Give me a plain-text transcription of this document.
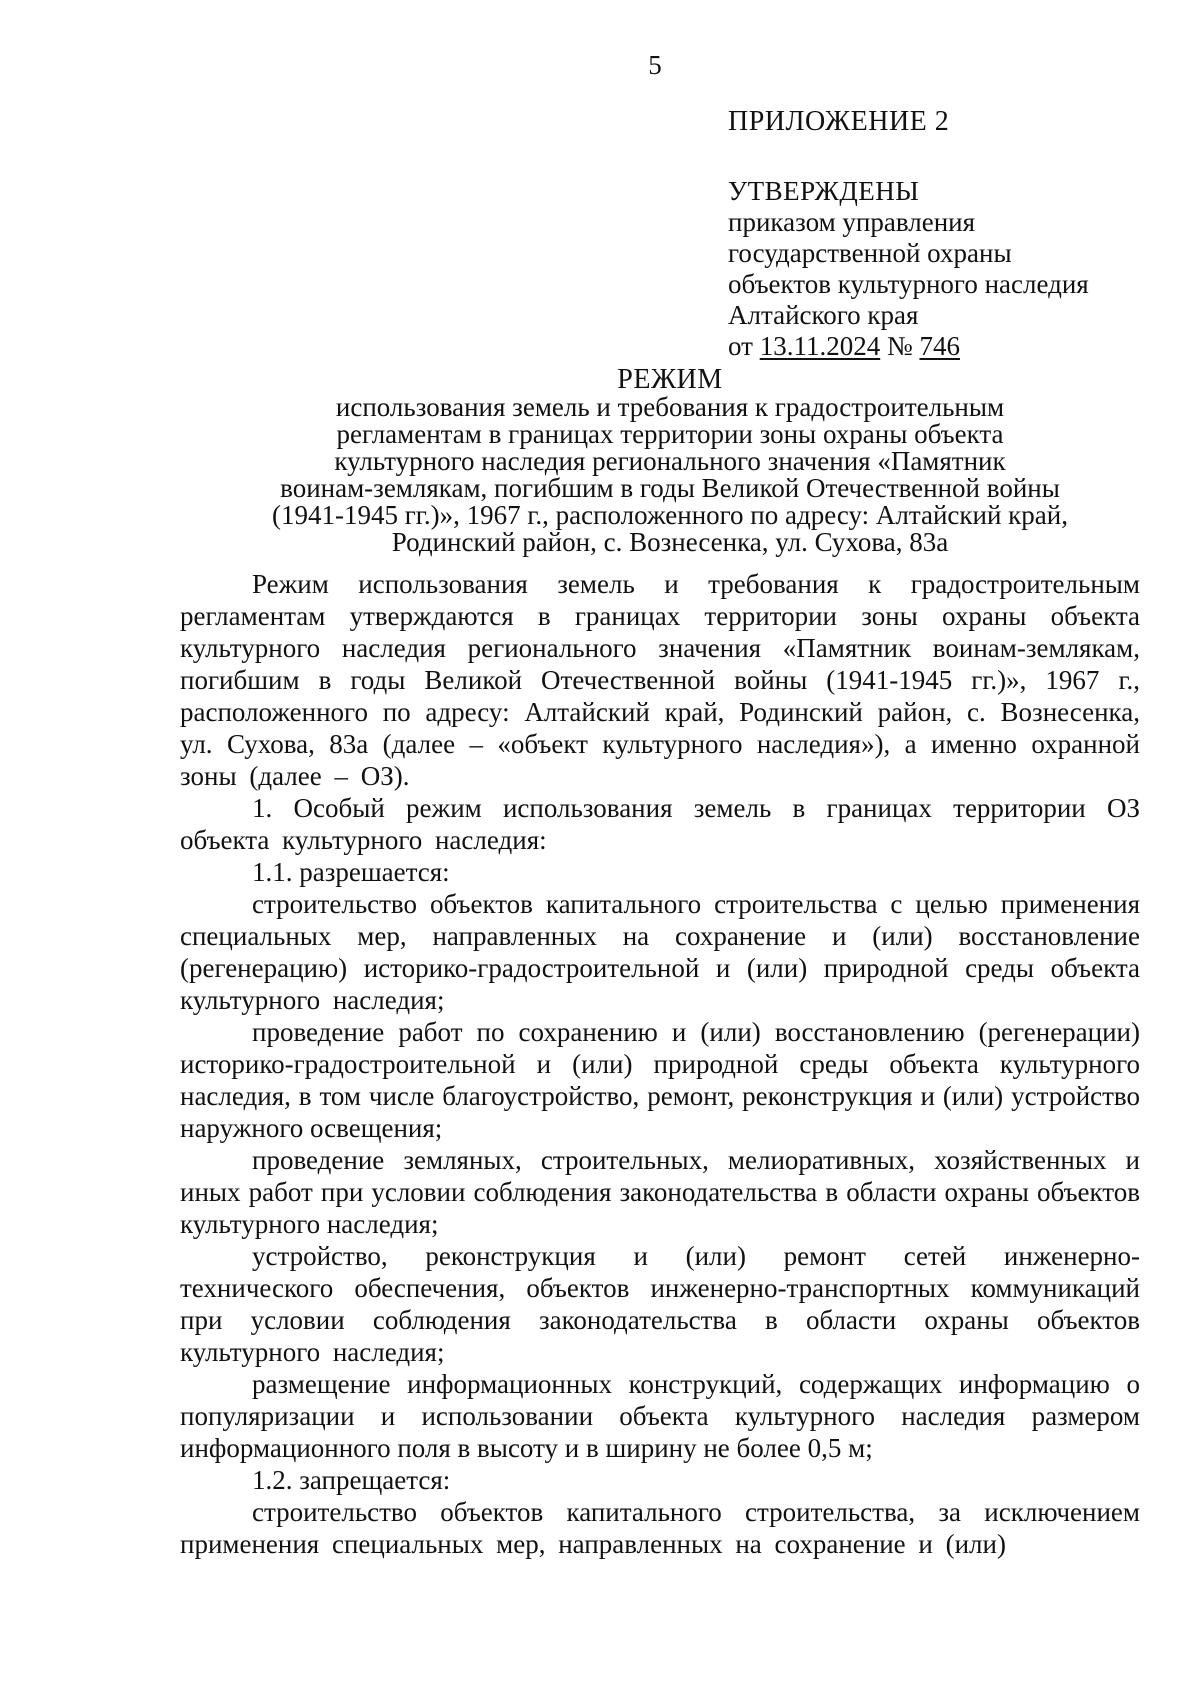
5
ПРИЛОЖЕНИЕ 2
УТВЕРЖДЕНЫ
приказом управления
государственной охраны
объектов культурного наследия
Алтайского края
от 13.11.2024 № 746
РЕЖИМ
использования земель и требования к градостроительным
регламентам в границах территории зоны охраны объекта
культурного наследия регионального значения «Памятник
воинам-землякам, погибшим в годы Великой Отечественной войны
(1941-1945 гг.)», 1967 г., расположенного по адресу: Алтайский край,
Родинский район, с. Вознесенка, ул. Сухова, 83а

Режим использования земель и требования к градостроительным регламентам утверждаются в границах территории зоны охраны объекта культурного наследия регионального значения «Памятник воинам-землякам, погибшим в годы Великой Отечественной войны (1941-1945 гг.)», 1967 г., расположенного по адресу: Алтайский край, Родинский район, с. Вознесенка, ул. Сухова, 83а (далее – «объект культурного наследия»), а именно охранной зоны (далее – ОЗ).

1. Особый режим использования земель в границах территории ОЗ объекта культурного наследия:

1.1. разрешается:

строительство объектов капитального строительства с целью применения специальных мер, направленных на сохранение и (или) восстановление (регенерацию) историко-градостроительной и (или) природной среды объекта культурного наследия;

проведение работ по сохранению и (или) восстановлению (регенерации) историко-градостроительной и (или) природной среды объекта культурного наследия, в том числе благоустройство, ремонт, реконструкция и (или) устройство наружного освещения;

проведение земляных, строительных, мелиоративных, хозяйственных и иных работ при условии соблюдения законодательства в области охраны объектов культурного наследия;

устройство, реконструкция и (или) ремонт сетей инженерно-технического обеспечения, объектов инженерно-транспортных коммуникаций при условии соблюдения законодательства в области охраны объектов культурного наследия;

размещение информационных конструкций, содержащих информацию о популяризации и использовании объекта культурного наследия размером информационного поля в высоту и в ширину не более 0,5 м;

1.2. запрещается:

строительство объектов капитального строительства, за исключением применения специальных мер, направленных на сохранение и (или)
